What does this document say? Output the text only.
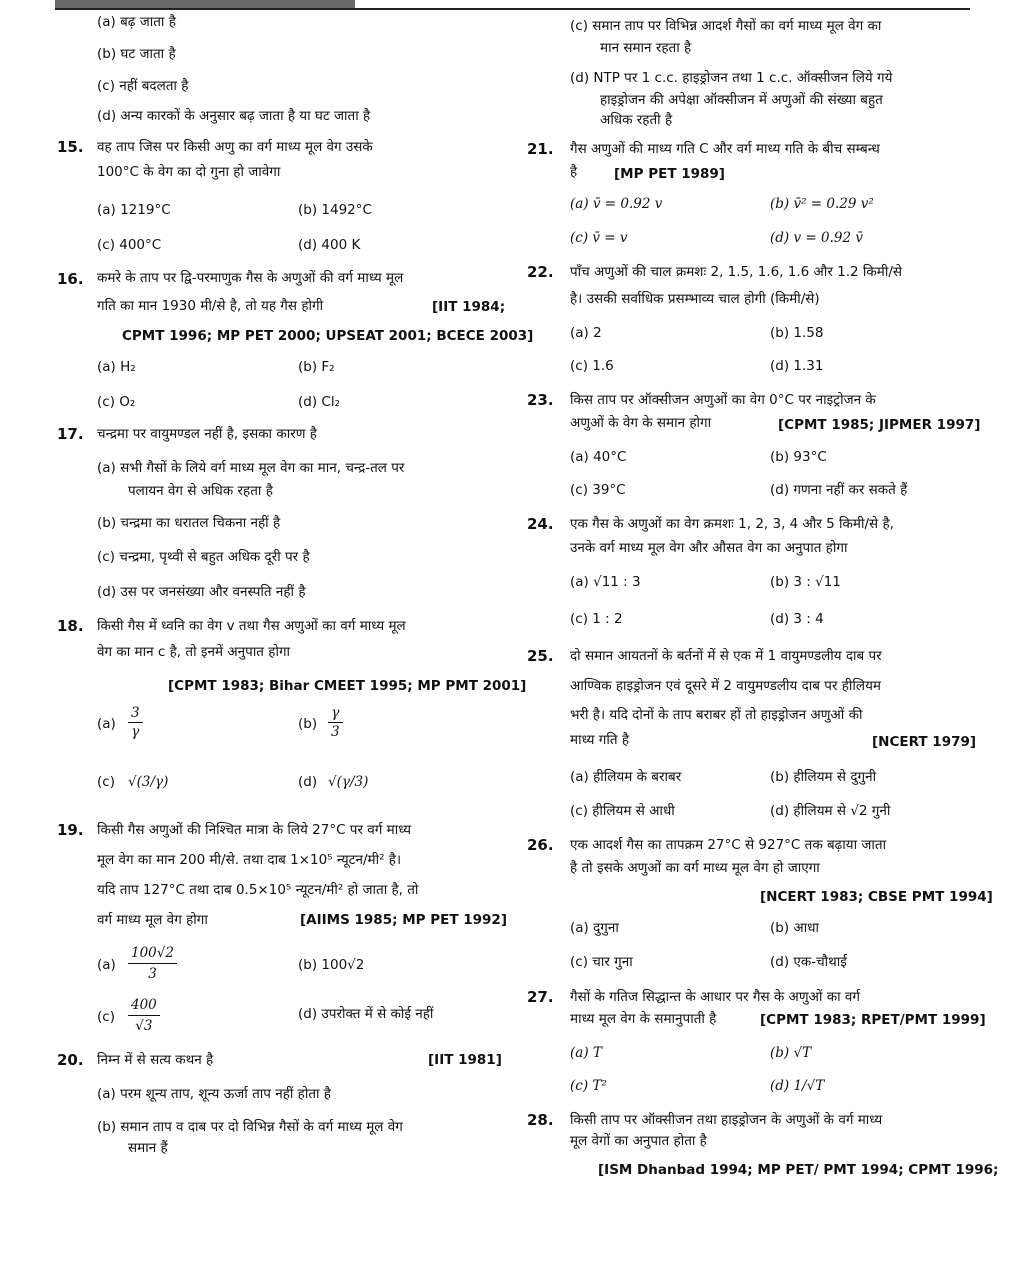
(a) बढ़ जाता है
(b) घट जाता है
(c) नहीं बदलता है
(d) अन्य कारकों के अनुसार बढ़ जाता है या घट जाता है
15. वह ताप जिस पर किसी अणु का वर्ग माध्य मूल वेग उसके
100°C के वेग का दो गुना हो जावेगा
(a) 1219°C	(b) 1492°C
(c) 400°C	(d) 400 K
16. कमरे के ताप पर द्वि-परमाणुक गैस के अणुओं की वर्ग माध्य मूल
गति का मान 1930 मी/से है, तो यह गैस होगी	[IIT 1984;
CPMT 1996; MP PET 2000; UPSEAT 2001; BCECE 2003]
(a) H₂	(b) F₂
(c) O₂	(d) Cl₂
17. चन्द्रमा पर वायुमण्डल नहीं है, इसका कारण है
(a) सभी गैसों के लिये वर्ग माध्य मूल वेग का मान, चन्द्र-तल पर
पलायन वेग से अधिक रहता है
(b) चन्द्रमा का धरातल चिकना नहीं है
(c) चन्द्रमा, पृथ्वी से बहुत अधिक दूरी पर है
(d) उस पर जनसंख्या और वनस्पति नहीं है
18. किसी गैस में ध्वनि का वेग v तथा गैस अणुओं का वर्ग माध्य मूल
वेग का मान c है, तो इनमें अनुपात होगा
[CPMT 1983; Bihar CMEET 1995; MP PMT 2001]
$(a) \frac{3}{\gamma}$	$(b) \frac{\gamma}{3}$
(c) √(3/γ)	(d) √(γ/3)
19. किसी गैस अणुओं की निश्चित मात्रा के लिये 27°C पर वर्ग माध्य
मूल वेग का मान 200 मी/से. तथा दाब 1×10⁵ न्यूटन/मी² है।
यदि ताप 127°C तथा दाब 0.5×10⁵ न्यूटन/मी² हो जाता है, तो
वर्ग माध्य मूल वेग होगा	[AIIMS 1985; MP PET 1992]
$(a) \frac{100√2}{3}$	(b) 100√2
$(c) \frac{400}{√3}$	(d) उपरोक्त में से कोई नहीं
20. निम्न में से सत्य कथन है	[IIT 1981]
(a) परम शून्य ताप, शून्य ऊर्जा ताप नहीं होता है
(b) समान ताप व दाब पर दो विभिन्न गैसों के वर्ग माध्य मूल वेग
समान हैं
(c) समान ताप पर विभिन्न आदर्श गैसों का वर्ग माध्य मूल वेग का
मान समान रहता है
(d) NTP पर 1 c.c. हाइड्रोजन तथा 1 c.c. ऑक्सीजन लिये गये
हाइड्रोजन की अपेक्षा ऑक्सीजन में अणुओं की संख्या बहुत
अधिक रहती है
21. गैस अणुओं की माध्य गति C और वर्ग माध्य गति के बीच सम्बन्ध
है	[MP PET 1989]
(a) v̄ = 0.92 v	(b) v̄² = 0.29 v²
(c) v̄ = v	(d) v = 0.92 v̄
22. पाँच अणुओं की चाल क्रमशः 2, 1.5, 1.6, 1.6 और 1.2 किमी/से
है। उसकी सर्वाधिक प्रसम्भाव्य चाल होगी (किमी/से)
(a) 2	(b) 1.58
(c) 1.6	(d) 1.31
23. किस ताप पर ऑक्सीजन अणुओं का वेग 0°C पर नाइट्रोजन के
अणुओं के वेग के समान होगा	[CPMT 1985; JIPMER 1997]
(a) 40°C	(b) 93°C
(c) 39°C	(d) गणना नहीं कर सकते हैं
24. एक गैस के अणुओं का वेग क्रमशः 1, 2, 3, 4 और 5 किमी/से है,
उनके वर्ग माध्य मूल वेग और औसत वेग का अनुपात होगा
(a) √11 : 3	(b) 3 : √11
(c) 1 : 2	(d) 3 : 4
25. दो समान आयतनों के बर्तनों में से एक में 1 वायुमण्डलीय दाब पर
आण्विक हाइड्रोजन एवं दूसरे में 2 वायुमण्डलीय दाब पर हीलियम
भरी है। यदि दोनों के ताप बराबर हों तो हाइड्रोजन अणुओं की
माध्य गति है	[NCERT 1979]
(a) हीलियम के बराबर	(b) हीलियम से दुगुनी
(c) हीलियम से आधी	(d) हीलियम से √2 गुनी
26. एक आदर्श गैस का तापक्रम 27°C से 927°C तक बढ़ाया जाता
है तो इसके अणुओं का वर्ग माध्य मूल वेग हो जाएगा
[NCERT 1983; CBSE PMT 1994]
(a) दुगुना	(b) आधा
(c) चार गुना	(d) एक-चौथाई
27. गैसों के गतिज सिद्धान्त के आधार पर गैस के अणुओं का वर्ग
माध्य मूल वेग के समानुपाती है	[CPMT 1983; RPET/PMT 1999]
(a) T	(b) √T
(c) T²	(d) 1/√T
28. किसी ताप पर ऑक्सीजन तथा हाइड्रोजन के अणुओं के वर्ग माध्य
मूल वेगों का अनुपात होता है
[ISM Dhanbad 1994; MP PET/ PMT 1994; CPMT 1996;
